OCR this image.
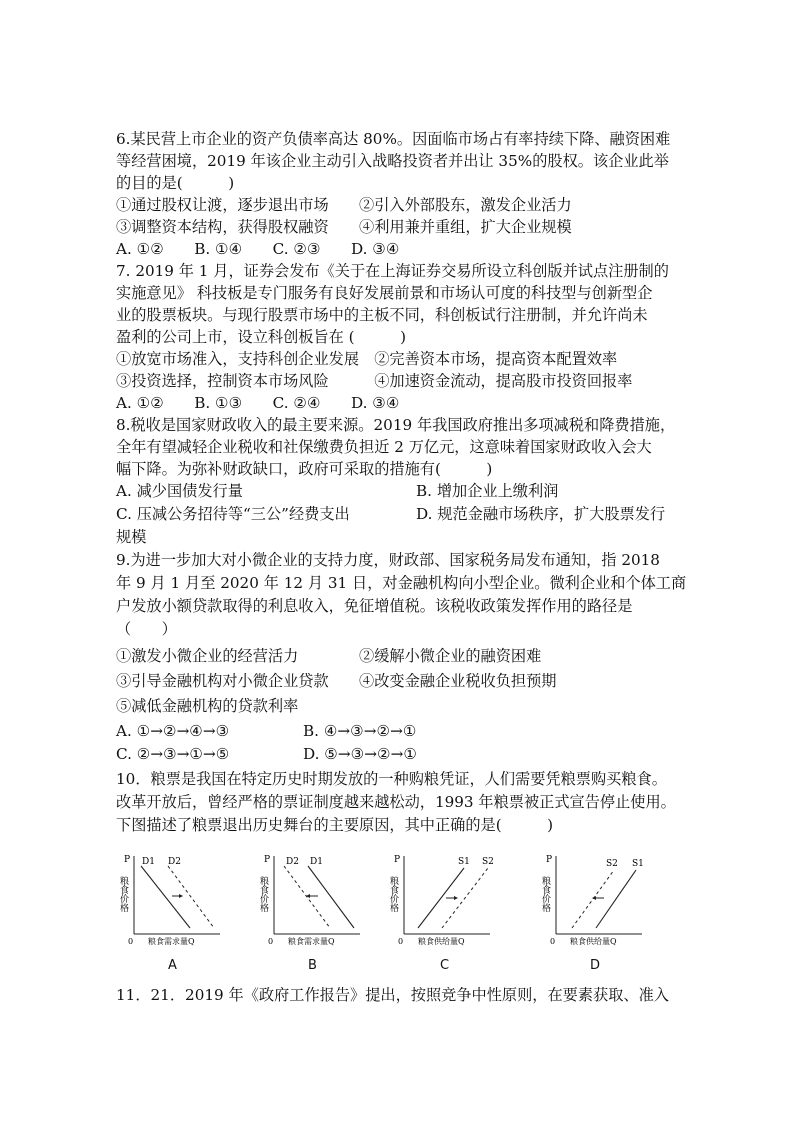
6.某民营上市企业的资产负债率高达 80%。因面临市场占有率持续下降、融资困难
等经营困境，2019 年该企业主动引入战略投资者并出让 35%的股权。该企业此举
的目的是(　　　)
①通过股权让渡，逐步退出市场　　②引入外部股东，激发企业活力
③调整资本结构，获得股权融资　　④利用兼并重组，扩大企业规模
A. ①②　　B. ①④　　C. ②③　　D. ③④
7. 2019 年 1 月，证券会发布《关于在上海证券交易所设立科创版并试点注册制的
实施意见》 科技板是专门服务有良好发展前景和市场认可度的科技型与创新型企
业的股票板块。与现行股票市场中的主板不同，科创板试行注册制，并允许尚未
盈利的公司上市，设立科创板旨在 (　　　)
①放宽市场准入，支持科创企业发展　②完善资本市场，提高资本配置效率
③投资选择，控制资本市场风险　　　④加速资金流动，提高股市投资回报率
A. ①②　　B. ①③　　C. ②④　　D. ③④
8.税收是国家财政收入的最主要来源。2019 年我国政府推出多项减税和降费措施，
全年有望减轻企业税收和社保缴费负担近 2 万亿元，这意味着国家财政收入会大
幅下降。为弥补财政缺口，政府可采取的措施有(　　　)
A. 减少国债发行量	B. 增加企业上缴利润
C. 压减公务招待等“三公”经费支出	D. 规范金融市场秩序，扩大股票发行
规模
9.为进一步加大对小微企业的支持力度，财政部、国家税务局发布通知，指 2018
年 9 月 1 月至 2020 年 12 月 31 日，对金融机构向小型企业。微利企业和个体工商
户发放小额贷款取得的利息收入，免征增值税。该税收政策发挥作用的路径是
（　　）
①激发小微企业的经营活力　　　　②缓解小微企业的融资困难
③引导金融机构对小微企业贷款　　④改变金融企业税收负担预期
⑤减低金融机构的贷款利率
A. ①→②→④→③	B. ④→③→②→①
C. ②→③→①→⑤	D. ⑤→③→②→①
10．粮票是我国在特定历史时期发放的一种购粮凭证，人们需要凭粮票购买粮食。
改革开放后，曾经严格的票证制度越来越松动，1993 年粮票被正式宣告停止使用。
下图描述了粮票退出历史舞台的主要原因，其中正确的是(　　　)
P
粮食价格
0 粮食需求量Q
D1 D2
A
P
粮食价格
0 粮食需求量Q
D2 D1
B
P
粮食价格
0 粮食供给量Q
S1 S2
C
P
粮食价格
0 粮食供给量Q
S2 S1
D
11．21．2019 年《政府工作报告》提出，按照竞争中性原则，在要素获取、准入
